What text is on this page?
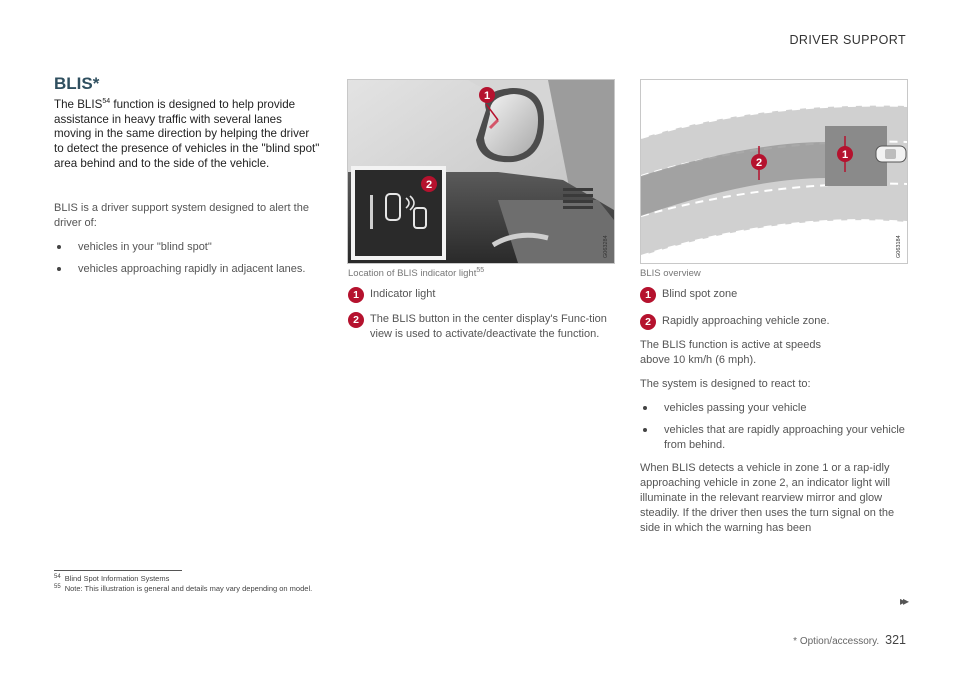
DRIVER SUPPORT
BLIS*
The BLIS$^{54}$ function is designed to help provide assistance in heavy traffic with several lanes moving in the same direction by helping the driver to detect the presence of vehicles in the "blind spot" area behind and to the side of the vehicle.
BLIS is a driver support system designed to alert the driver of:
vehicles in your "blind spot"
vehicles approaching rapidly in adjacent lanes.
1
2
G063284
Location of BLIS indicator light$^{55}$
1 Indicator light
2 The BLIS button in the center display's Func-tion view is used to activate/deactivate the function.
1
2
G063184
BLIS overview
1 Blind spot zone
2 Rapidly approaching vehicle zone.
The BLIS function is active at speeds above 10 km/h (6 mph).
The system is designed to react to:
vehicles passing your vehicle
vehicles that are rapidly approaching your vehicle from behind.
When BLIS detects a vehicle in zone 1 or a rap-idly approaching vehicle in zone 2, an indicator light will illuminate in the relevant rearview mirror and glow steadily. If the driver then uses the turn signal on the side in which the warning has been
$^{54}$ Blind Spot Information Systems
$^{55}$ Note: This illustration is general and details may vary depending on model.
▸▸
* Option/accessory. 321
